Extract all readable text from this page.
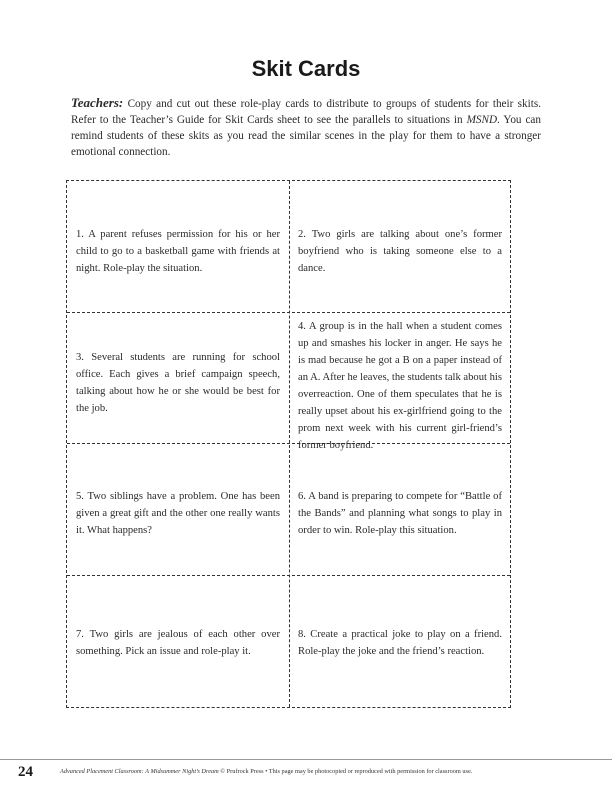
Skit Cards
Teachers: Copy and cut out these role-play cards to distribute to groups of students for their skits. Refer to the Teacher’s Guide for Skit Cards sheet to see the parallels to situations in MSND. You can remind students of these skits as you read the similar scenes in the play for them to have a stronger emotional connection.
1. A parent refuses permission for his or her child to go to a basketball game with friends at night. Role-play the situation.
2. Two girls are talking about one’s former boyfriend who is taking someone else to a dance.
3. Several students are running for school office. Each gives a brief campaign speech, talking about how he or she would be best for the job.
4. A group is in the hall when a student comes up and smashes his locker in anger. He says he is mad because he got a B on a paper instead of an A. After he leaves, the students talk about his overreaction. One of them speculates that he is really upset about his ex-girlfriend going to the prom next week with his current girl-friend’s former boyfriend.
5. Two siblings have a problem. One has been given a great gift and the other one really wants it. What happens?
6. A band is preparing to compete for “Battle of the Bands” and planning what songs to play in order to win. Role-play this situation.
7. Two girls are jealous of each other over something. Pick an issue and role-play it.
8. Create a practical joke to play on a friend. Role-play the joke and the friend’s reaction.
24	Advanced Placement Classroom: A Midsummer Night’s Dream © Prufrock Press • This page may be photocopied or reproduced with permission for classroom use.
